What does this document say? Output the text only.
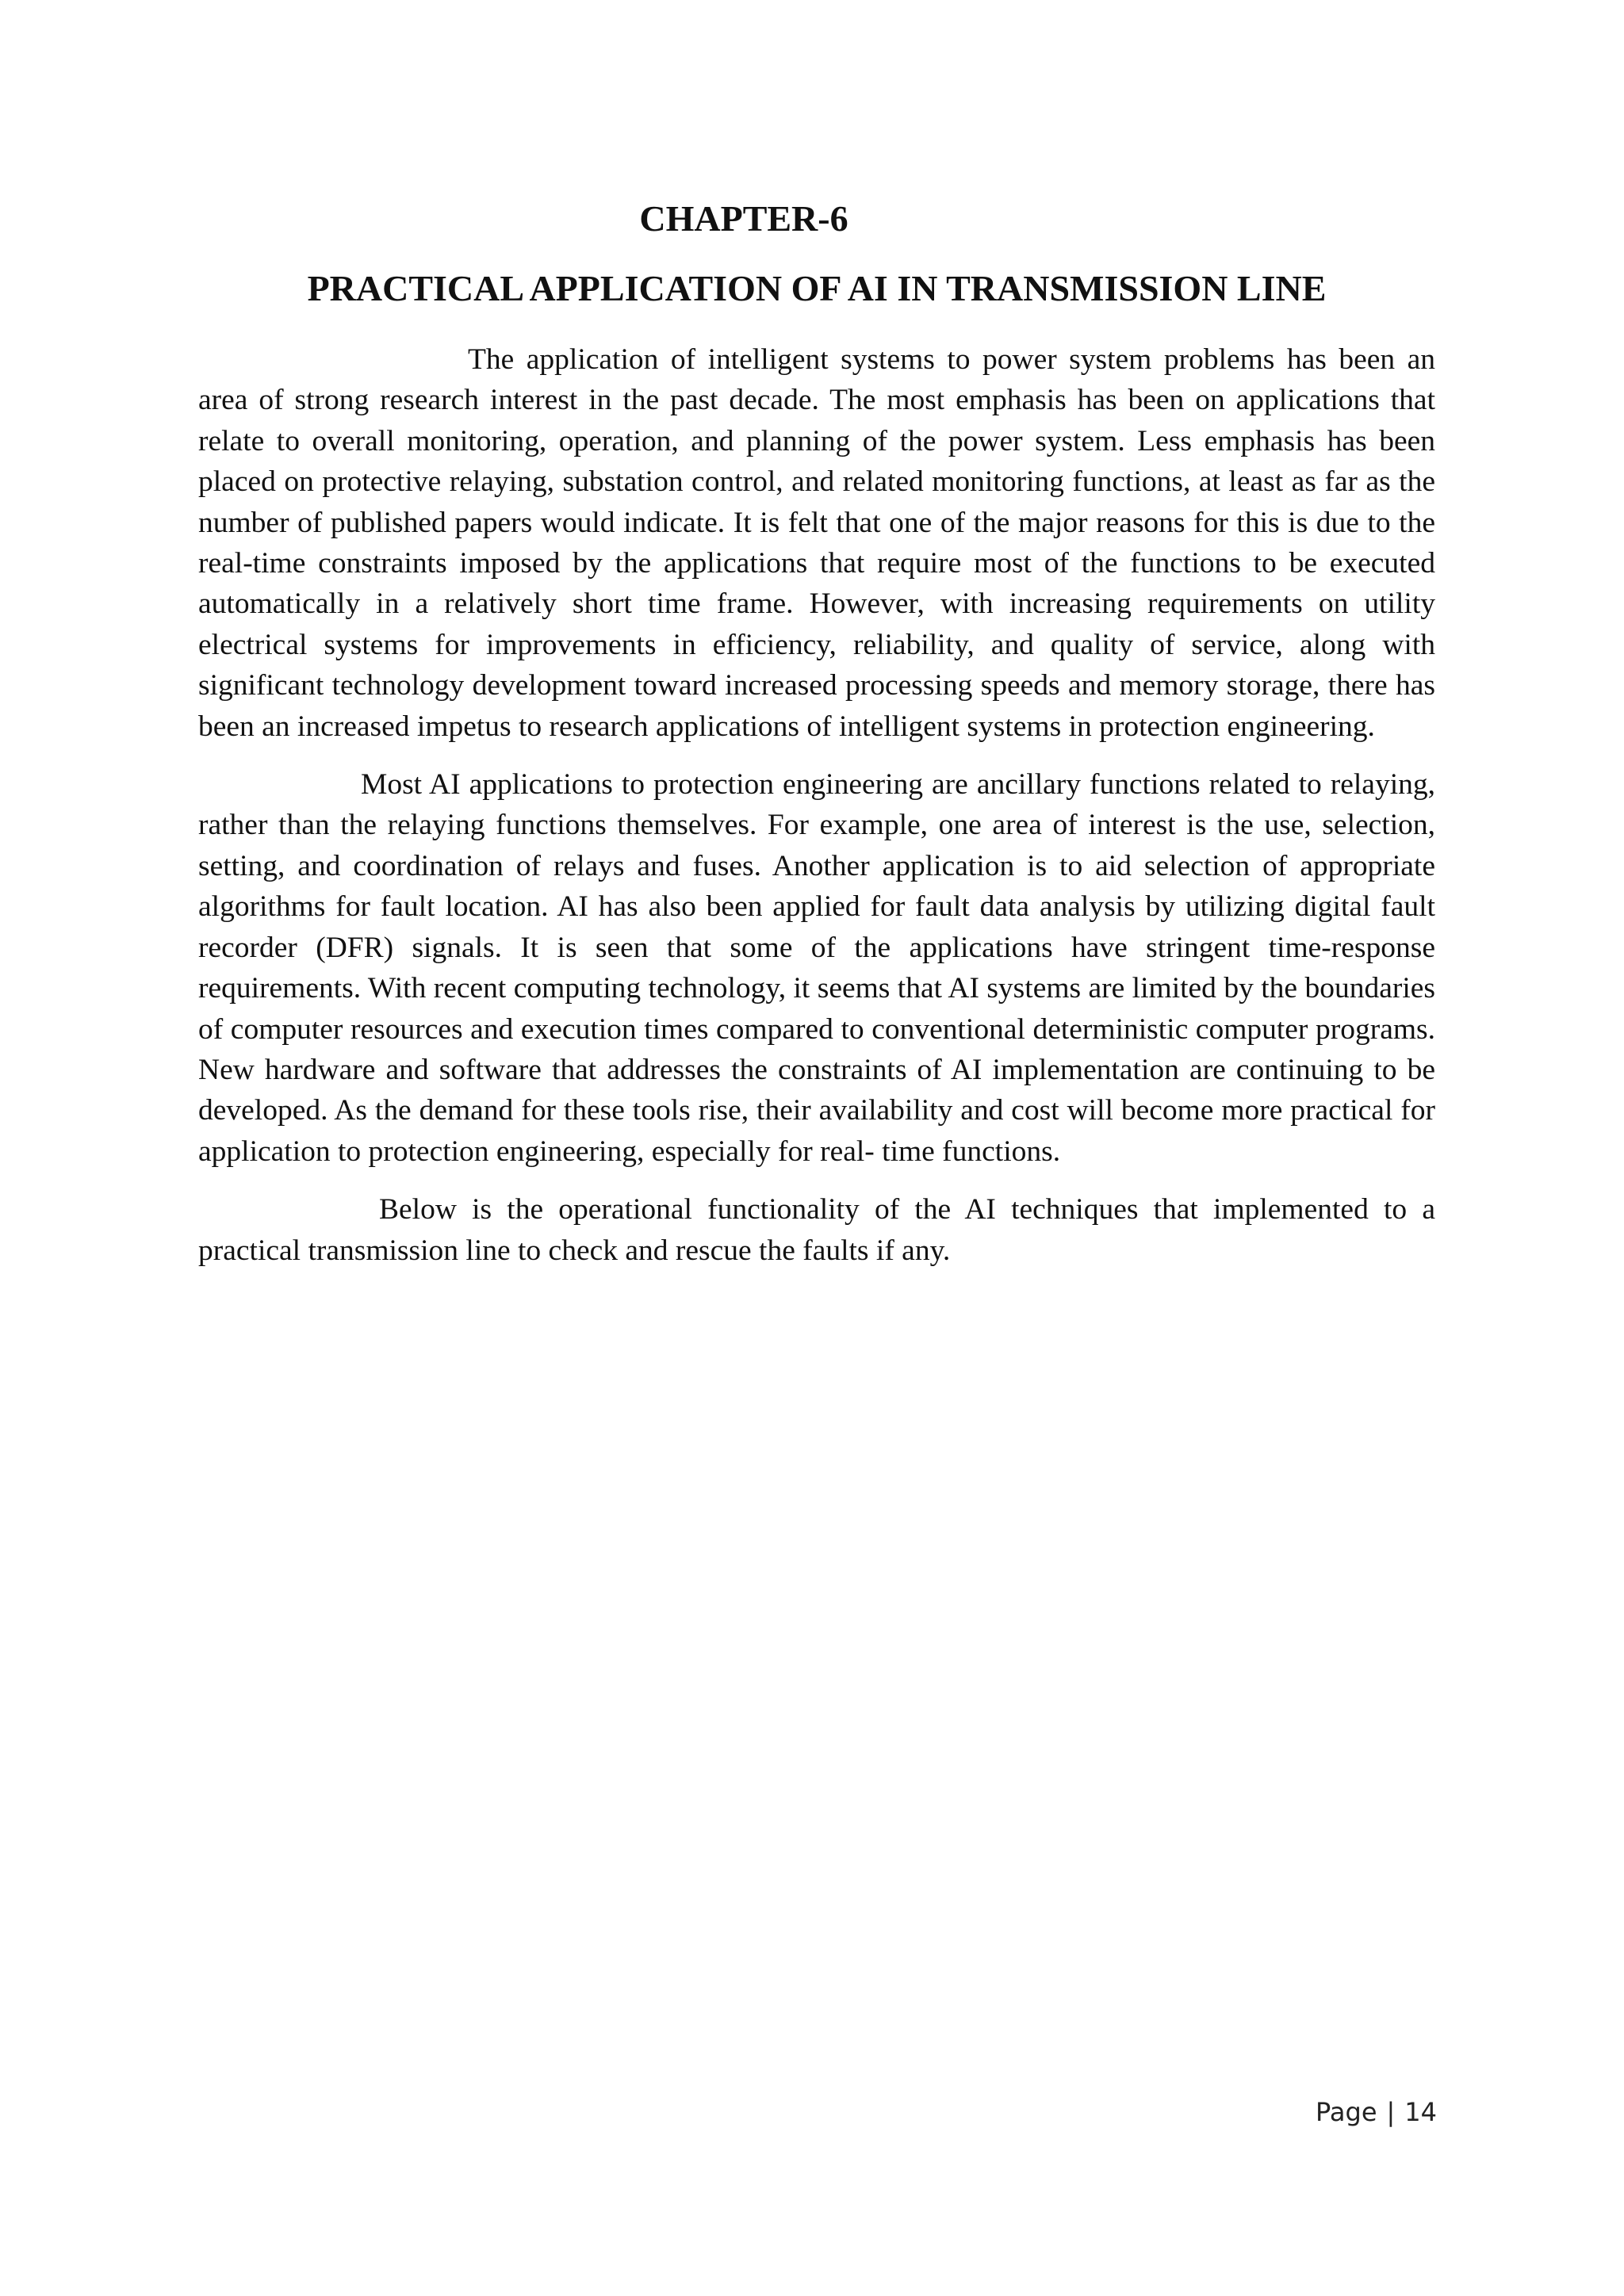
CHAPTER-6
PRACTICAL APPLICATION OF AI IN TRANSMISSION LINE

The application of intelligent systems to power system problems has been an area of strong research interest in the past decade. The most emphasis has been on applications that relate to overall monitoring, operation, and planning of the power system. Less emphasis has been placed on protective relaying, substation control, and related monitoring functions, at least as far as the number of published papers would indicate. It is felt that one of the major reasons for this is due to the real-time constraints imposed by the applications that require most of the functions to be executed automatically in a relatively short time frame. However, with increasing requirements on utility electrical systems for improvements in efficiency, reliability, and quality of service, along with significant technology development toward increased processing speeds and memory storage, there has been an increased impetus to research applications of intelligent systems in protection engineering.

Most AI applications to protection engineering are ancillary functions related to relaying, rather than the relaying functions themselves. For example, one area of interest is the use, selection, setting, and coordination of relays and fuses. Another application is to aid selection of appropriate algorithms for fault location. AI has also been applied for fault data analysis by utilizing digital fault recorder (DFR) signals. It is seen that some of the applications have stringent time-response requirements. With recent computing technology, it seems that AI systems are limited by the boundaries of computer resources and execution times compared to conventional deterministic computer programs. New hardware and software that addresses the constraints of AI implementation are continuing to be developed. As the demand for these tools rise, their availability and cost will become more practical for application to protection engineering, especially for real- time functions.

Below is the operational functionality of the AI techniques that implemented to a practical transmission line to check and rescue the faults if any.

Page | 14
